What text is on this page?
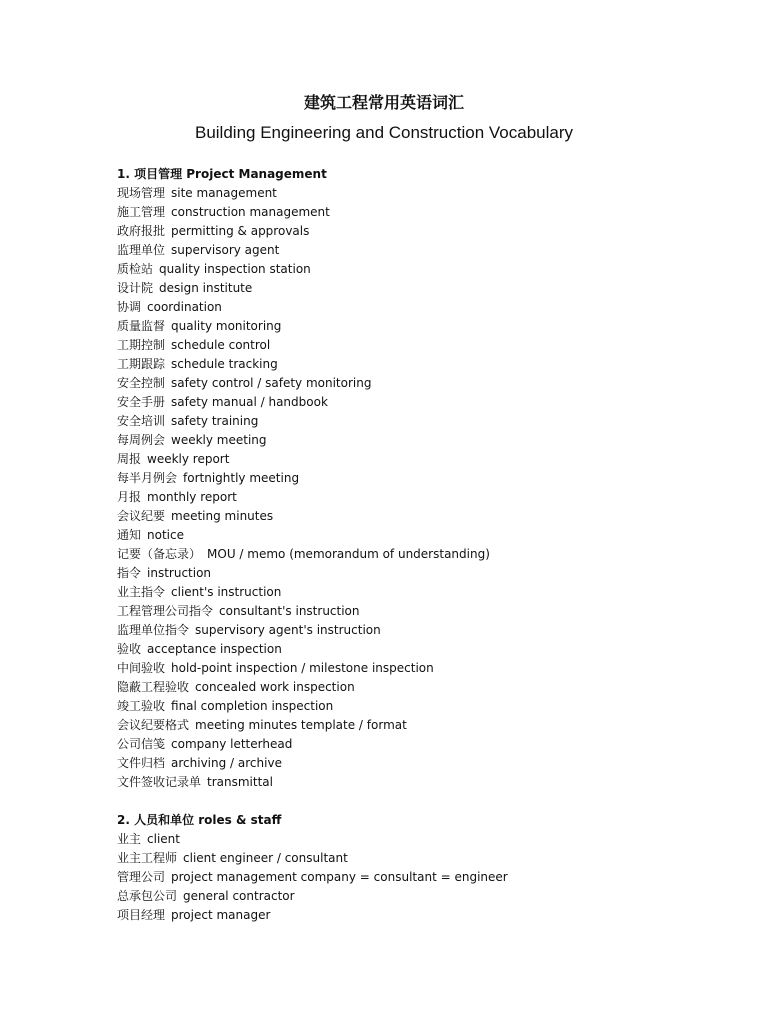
建筑工程常用英语词汇
Building Engineering and Construction Vocabulary
1. 项目管理 Project Management
现场管理 site management
施工管理 construction management
政府报批 permitting & approvals
监理单位 supervisory agent
质检站 quality inspection station
设计院 design institute
协调 coordination
质量监督 quality monitoring
工期控制 schedule control
工期跟踪 schedule tracking
安全控制 safety control / safety monitoring
安全手册 safety manual / handbook
安全培训 safety training
每周例会 weekly meeting
周报 weekly report
每半月例会 fortnightly meeting
月报 monthly report
会议纪要 meeting minutes
通知 notice
记要（备忘录） MOU / memo (memorandum of understanding)
指令 instruction
业主指令 client's instruction
工程管理公司指令 consultant's instruction
监理单位指令 supervisory agent's instruction
验收 acceptance inspection
中间验收 hold-point inspection / milestone inspection
隐蔽工程验收 concealed work inspection
竣工验收 final completion inspection
会议纪要格式 meeting minutes template / format
公司信笺 company letterhead
文件归档 archiving / archive
文件签收记录单 transmittal
2. 人员和单位 roles & staff
业主 client
业主工程师 client engineer / consultant
管理公司 project management company = consultant = engineer
总承包公司 general contractor
项目经理 project manager
